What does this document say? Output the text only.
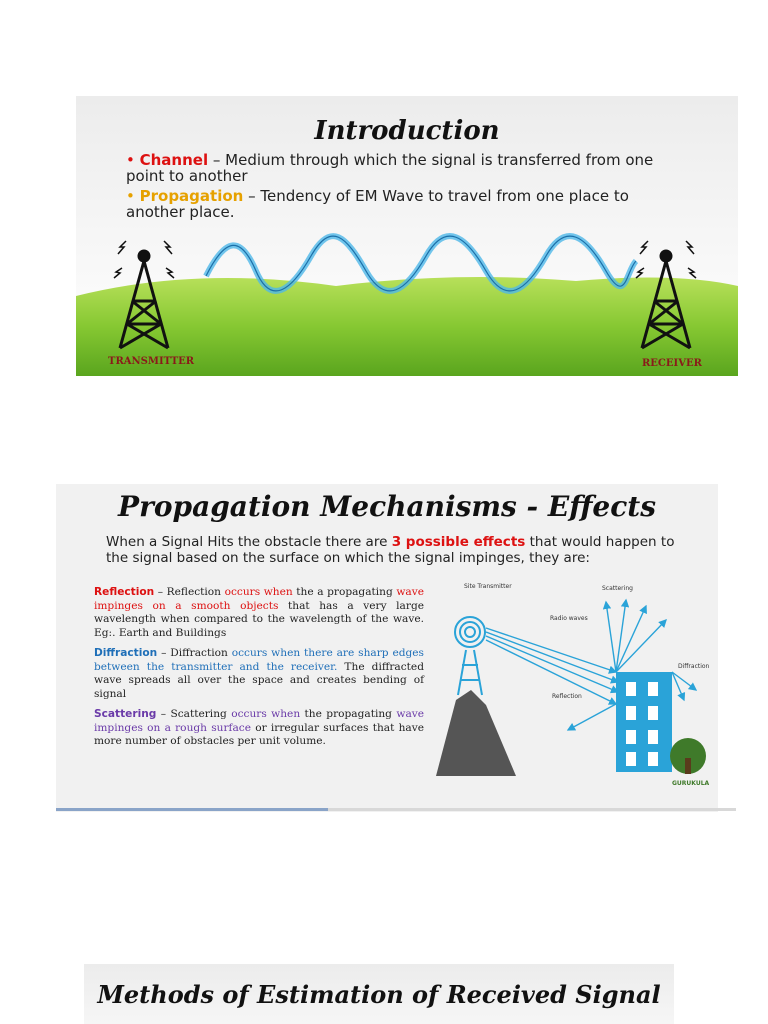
Introduction
• Channel – Medium through which the signal is transferred from one point to another
• Propagation – Tendency of EM Wave to travel from one place to another place.
TRANSMITTER	RECEIVER
Propagation Mechanisms - Effects
When a Signal Hits the obstacle there are 3 possible effects that would happen to the signal based on the surface on which the signal impinges, they are:

Reflection – Reflection occurs when the a propagating wave impinges on a smooth objects that has a very large wavelength when compared to the wavelength of the wave. Eg:. Earth and Buildings

Diffraction – Diffraction occurs when there are sharp edges between the transmitter and the receiver. The diffracted wave spreads all over the space and creates bending of signal

Scattering – Scattering occurs when the propagating wave impinges on a rough surface or irregular surfaces that have more number of obstacles per unit volume.

Site Transmitter
Radio waves
Scattering
Diffraction
Reflection
GURUKULA
Methods of Estimation of Received Signal
